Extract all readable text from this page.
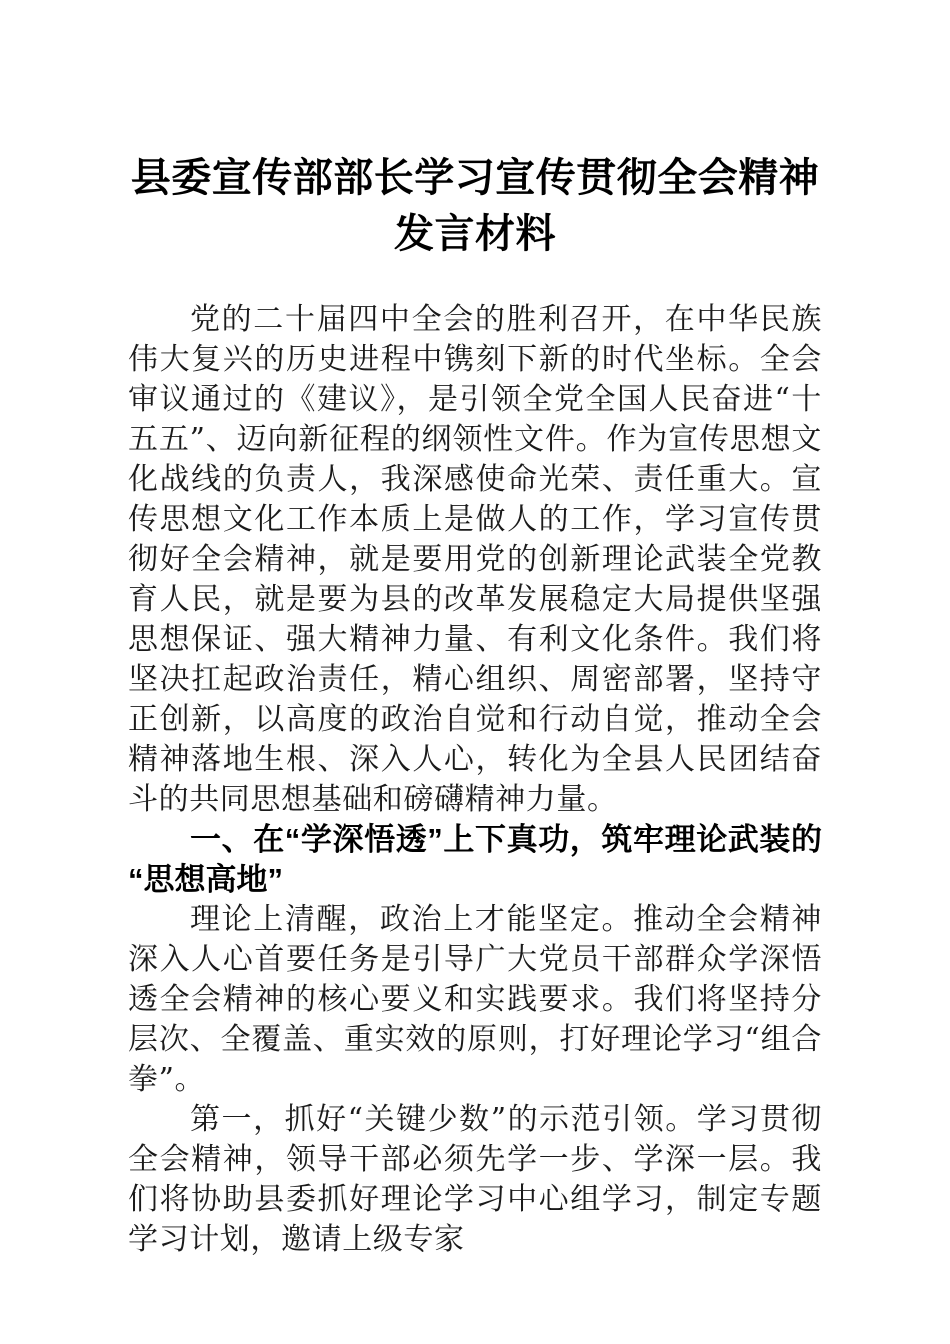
县委宣传部部长学习宣传贯彻全会精神发言材料

党的二十届四中全会的胜利召开，在中华民族伟大复兴的历史进程中镌刻下新的时代坐标。全会审议通过的《建议》，是引领全党全国人民奋进“十五五”、迈向新征程的纲领性文件。作为宣传思想文化战线的负责人，我深感使命光荣、责任重大。宣传思想文化工作本质上是做人的工作，学习宣传贯彻好全会精神，就是要用党的创新理论武装全党教育人民，就是要为县的改革发展稳定大局提供坚强思想保证、强大精神力量、有利文化条件。我们将坚决扛起政治责任，精心组织、周密部署，坚持守正创新，以高度的政治自觉和行动自觉，推动全会精神落地生根、深入人心，转化为全县人民团结奋斗的共同思想基础和磅礴精神力量。

一、在“学深悟透”上下真功，筑牢理论武装的“思想高地”

理论上清醒，政治上才能坚定。推动全会精神深入人心首要任务是引导广大党员干部群众学深悟透全会精神的核心要义和实践要求。我们将坚持分层次、全覆盖、重实效的原则，打好理论学习“组合拳”。

第一，抓好“关键少数”的示范引领。学习贯彻全会精神，领导干部必须先学一步、学深一层。我们将协助县委抓好理论学习中心组学习，制定专题学习计划，邀请上级专家
